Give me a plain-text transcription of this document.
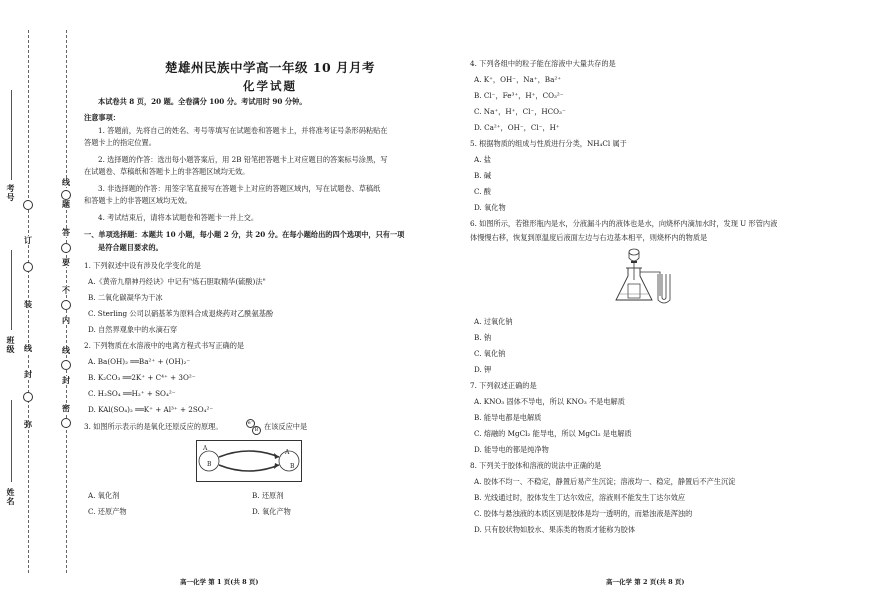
考号
班级
姓名
线
题
答
要
不
内
线
封
密
订
装
线
封
弥
楚雄州民族中学高一年级 10 月月考
化学试题
本试卷共 8 页，20 题。全卷满分 100 分。考试用时 90 分钟。
注意事项：
1. 答题前，先将自己的姓名、考号等填写在试题卷和答题卡上，并将准考证号条形码粘贴在
答题卡上的指定位置。
2. 选择题的作答：选出每小题答案后，用 2B 铅笔把答题卡上对应题目的答案标号涂黑，写
在试题卷、草稿纸和答题卡上的非答题区域均无效。
3. 非选择题的作答：用签字笔直接写在答题卡上对应的答题区域内，写在试题卷、草稿纸
和答题卡上的非答题区域均无效。
4. 考试结束后，请将本试题卷和答题卡一并上交。
一、单项选择题：本题共 10 小题，每小题 2 分，共 20 分。在每小题给出的四个选项中，只有一项
是符合题目要求的。
1. 下列叙述中设有涉及化学变化的是
A.《黄帝九鼎神丹经诀》中记有"炼石胆取精华(硫酸)法"
B. 二氧化碳凝华为干冰
C. Sterling 公司以硝基苯为原料合成退烧药对乙酰氨基酚
D. 自然界观象中的水滴石穿
2. 下列物质在水溶液中的电离方程式书写正确的是
A. Ba(OH)₂ ══Ba²⁺ + (OH)₂⁻
B. K₂CO₃ ══2K⁺ + C⁴⁺ + 3O²⁻
C. H₂SO₄ ══H₂⁺ + SO₄²⁻
D. KAl(SO₄)₂ ══K⁺ + Al³⁺ + 2SO₄²⁻
3. 如图所示表示的是氧化还原反应的原理。	e⁻
B 在该反应中是
A
B
A
B
A. 氧化剂	B. 还原剂
C. 还原产物	D. 氧化产物
高一化学 第 1 页(共 8 页)
4. 下列各组中的粒子能在溶液中大量共存的是
A. K⁺，OH⁻，Na⁺，Ba²⁺
B. Cl⁻，Fe³⁺，H⁺，CO₃²⁻
C. Na⁺，H⁺，Cl⁻，HCO₃⁻
D. Ca²⁺，OH⁻，Cl⁻，H⁺
5. 根据物质的组成与性质进行分类，NH₄Cl 属于
A. 盐
B. 碱
C. 酸
D. 氧化物
6. 如图所示，若锥形瓶内是水，分液漏斗内的液体也是水，向烧杯内滴加水时，发现 U 形管内液
体慢慢右移，恢复到原温度后液面左边与右边基本相平，则烧杯内的物质是
A. 过氧化钠
B. 钠
C. 氧化钠
D. 钾
7. 下列叙述正确的是
A. KNO₃ 固体不导电，所以 KNO₃ 不是电解质
B. 能导电都是电解质
C. 熔融的 MgCl₂ 能导电，所以 MgCl₂ 是电解质
D. 能导电的都是纯净物
8. 下列关于胶体和溶液的说法中正确的是
A. 胶体不均一、不稳定，静置后易产生沉淀；溶液均一、稳定，静置后不产生沉淀
B. 光线通过时，胶体发生丁达尔效应，溶液则不能发生丁达尔效应
C. 胶体与悬浊液的本质区别是胶体是均一透明的，而悬浊液是浑浊的
D. 只有胶状物如胶水、果冻类的物质才能称为胶体
高一化学 第 2 页(共 8 页)
